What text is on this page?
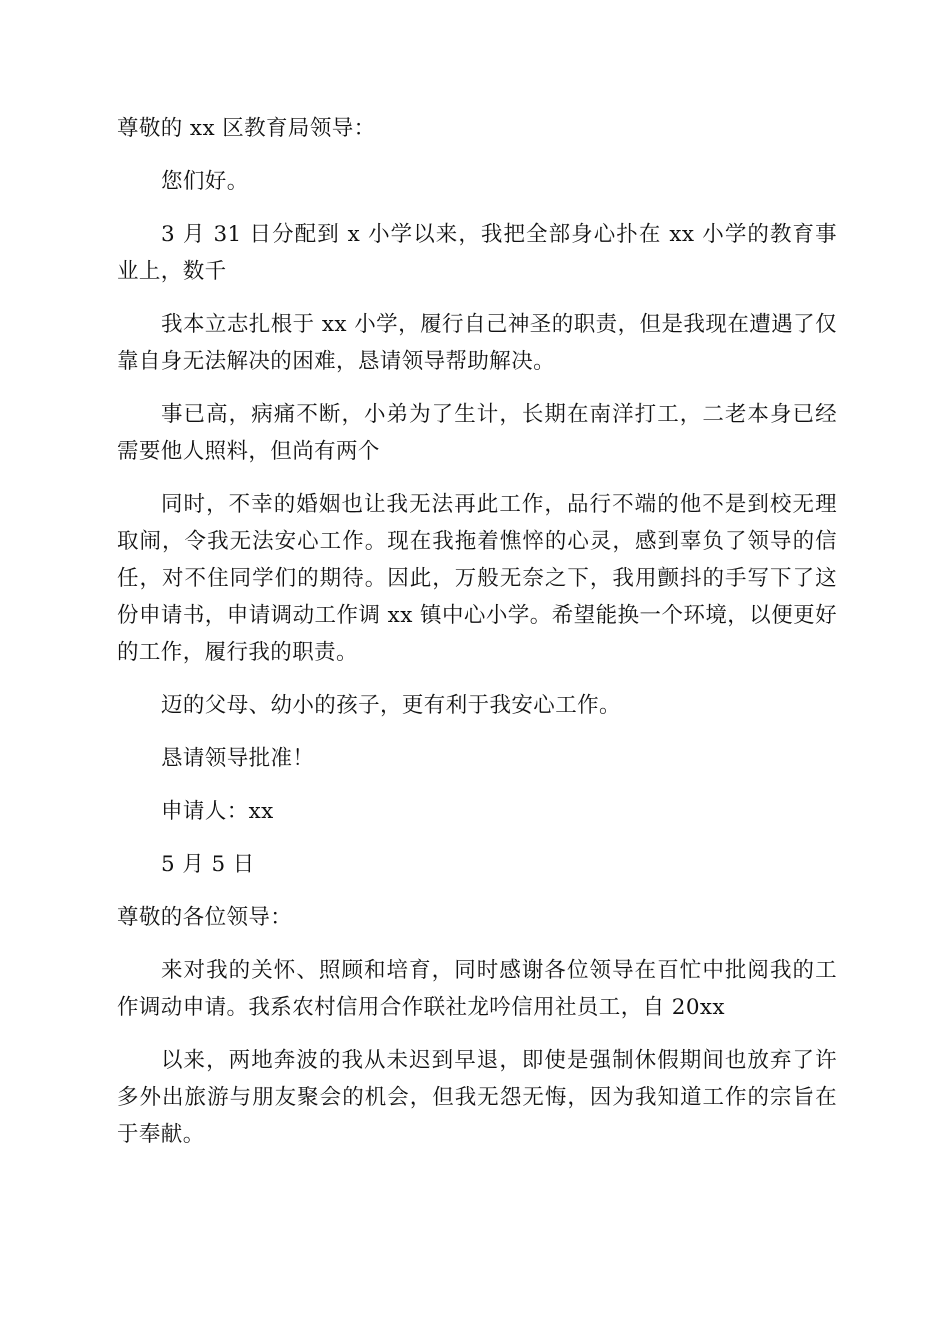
尊敬的 xx 区教育局领导：

您们好。

3 月 31 日分配到 x 小学以来，我把全部身心扑在 xx 小学的教育事业上，数千

我本立志扎根于 xx 小学，履行自己神圣的职责，但是我现在遭遇了仅靠自身无法解决的困难，恳请领导帮助解决。

事已高，病痛不断，小弟为了生计，长期在南洋打工，二老本身已经需要他人照料，但尚有两个

同时，不幸的婚姻也让我无法再此工作，品行不端的他不是到校无理取闹，令我无法安心工作。现在我拖着憔悴的心灵，感到辜负了领导的信任，对不住同学们的期待。因此，万般无奈之下，我用颤抖的手写下了这份申请书，申请调动工作调 xx 镇中心小学。希望能换一个环境，以便更好的工作，履行我的职责。

迈的父母、幼小的孩子，更有利于我安心工作。

恳请领导批准！

申请人：xx

5 月 5 日

尊敬的各位领导：

来对我的关怀、照顾和培育，同时感谢各位领导在百忙中批阅我的工作调动申请。我系农村信用合作联社龙吟信用社员工，自 20xx

以来，两地奔波的我从未迟到早退，即使是强制休假期间也放弃了许多外出旅游与朋友聚会的机会，但我无怨无悔，因为我知道工作的宗旨在于奉献。
